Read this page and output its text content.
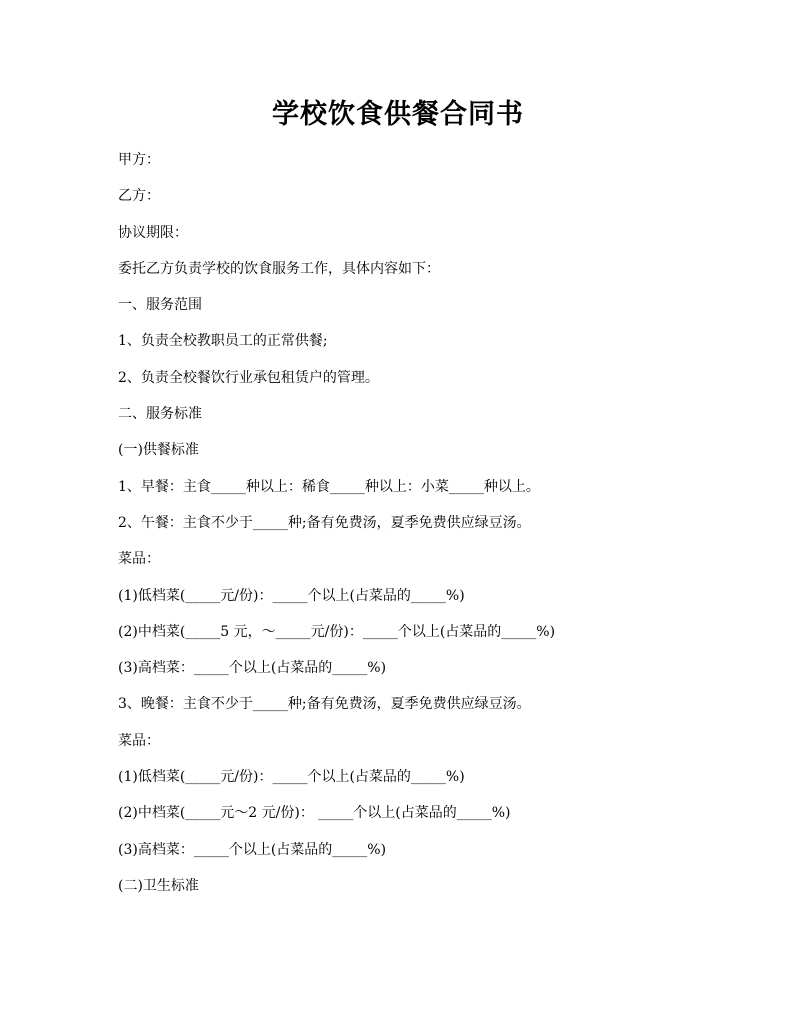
学校饮食供餐合同书
甲方：
乙方：
协议期限：
委托乙方负责学校的饮食服务工作，具体内容如下：
一、服务范围
1、负责全校教职员工的正常供餐;
2、负责全校餐饮行业承包租赁户的管理。
二、服务标准
(一)供餐标准
1、早餐：主食_____种以上：稀食_____种以上：小菜_____种以上。
2、午餐：主食不少于_____种;备有免费汤，夏季免费供应绿豆汤。
菜品：
(1)低档菜(_____元/份)：_____个以上(占菜品的_____%)
(2)中档菜(_____5 元，～_____元/份)：_____个以上(占菜品的_____%)
(3)高档菜：_____个以上(占菜品的_____%)
3、晚餐：主食不少于_____种;备有免费汤，夏季免费供应绿豆汤。
菜品：
(1)低档菜(_____元/份)：_____个以上(占菜品的_____%)
(2)中档菜(_____元～2 元/份)： _____个以上(占菜品的_____%)
(3)高档菜：_____个以上(占菜品的_____%)
(二)卫生标准
